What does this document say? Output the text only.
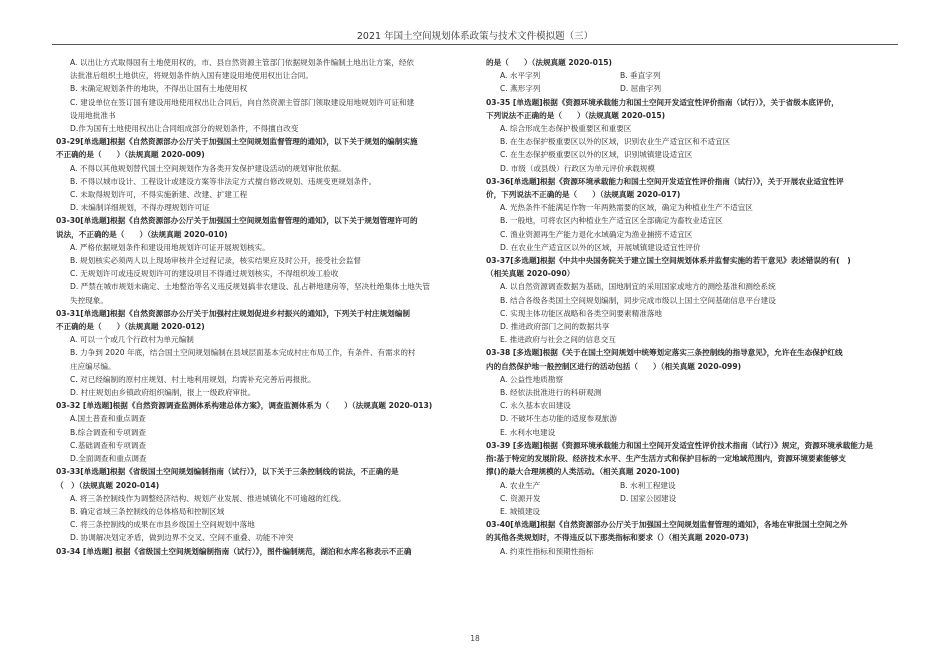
2021 年国土空间规划体系政策与技术文件模拟题（三）
A. 以出让方式取得国有土地使用权的，市、县自然资源主管部门依据规划条件编制土地出让方案，经依
法批准后组织土地供应，将规划条件纳入国有建设用地使用权出让合同。
B. 未确定规划条件的地块，不得出让国有土地使用权
C. 建设单位在签订国有建设用地使用权出让合同后，向自然资源主管部门领取建设用地规划许可证和建
设用地批准书
D.作为国有土地使用权出让合同组成部分的规划条件，不得擅自改变
03-29[单选题]根据《自然资源部办公厅关于加强国土空间规划监督管理的通知》，以下关于规划的编制实施
不正确的是（　　）（法规真题 2020-009)
A. 不得以其他规划替代国土空间规划作为各类开发保护建设活动的规划审批依据。
B. 不得以城市设计、工程设计或建设方案等非法定方式擅自修改规划、违规变更规划条件。
C. 未取得规划许可，不得实施新建、改建、扩建工程
D. 未编制详细规划，不得办理规划许可证
03-30[单选题]根据《自然资源部办公厅关于加强国土空间规划监督管理的通知》，以下关于规划管理许可的
说法，不正确的是（　　）（法规真题 2020-010)
A. 严格依据规划条件和建设用地规划许可证开展规划核实。
B. 规划核实必须两人以上现场审核并全过程记录，核实结果应及时公开，接受社会监督
C. 无规划许可或违反规划许可的建设项目不得通过规划核实，不得组织竣工验收
D. 严禁在城市规划未确定、土地整治等名义违反规划搞非农建设、乱占耕地建房等，坚决杜绝集体土地失管
失控现象。
03-31[单选题]根据《自然资源部办公厅关于加强村庄规划促进乡村振兴的通知》，下列关于村庄规划编制
不正确的是（　　）（法规真题 2020-012)
A. 可以一个或几个行政村为单元编制
B. 力争到 2020 年底，结合国土空间规划编制在县域层面基本完成村庄布局工作，有条件、有需求的村
庄应编尽编。
C. 对已经编制的原村庄规划、村土地利用规划，均需补充完善后再报批。
D. 村庄规划由乡镇政府组织编制，报上一级政府审批。
03-32 [单选题]根据《自然资源调查监测体系构建总体方案》，调查监测体系为（　　）（法规真题 2020-013)
A.国土普查和重点调查
B.综合调查和专项调查
C.基础调查和专项调查
D.全面调查和重点调查
03-33[单选题]根据《省级国土空间规划编制指南（试行）》，以下关于三条控制线的说法，不正确的是
（　）（法规真题 2020-014)
A. 将三条控制线作为调整经济结构、规划产业发展、推进城镇化不可逾越的红线。
B. 确定省域三条控制线的总体格局和控制区域
C. 将三条控制线的成果在市县乡级国土空间规划中落地
D. 协调解决划定矛盾，做到边界不交叉、空间不重叠、功能不冲突
03-34 [单选题] 根据《省级国土空间规划编制指南（试行）》，图件编制规范，湖泊和水库名称表示不正确
的是（　　）（法规真题 2020-015)
A. 水平字列	B. 垂直字列
C. 燕形字列	D. 屈曲字列
03-35 [单选题]根据《资源环境承载能力和国土空间开发适宜性评价指南（试行）》，关于省级本底评价，
下列说法不正确的是（　　）（法规真题 2020-015)
A. 综合形成生态保护极重要区和重要区
B. 在生态保护极重要区以外的区域，识别农业生产适宜区和不适宜区
C. 在生态保护极重要区以外的区域，识别城镇建设适宜区
D. 市级（或县级）行政区为单元评价承载规模
03-36[单选题]根据《资源环境承载能力和国土空间开发适宜性评价指南（试行）》，关于开展农业适宜性评
价，下列说法不正确的是（　　）（法规真题 2020-017)
A. 光热条件不能满足作物一年两熟需要的区域，确定为种植业生产不适宜区
B. 一般地，可将农区内种植业生产适宜区全部确定为畜牧业适宜区
C. 渔业资源再生产能力退化水域确定为渔业捕捞不适宜区
D. 在农业生产适宜区以外的区域，开展城镇建设适宜性评价
03-37[多选题]根据《中共中央国务院关于建立国土空间规划体系并监督实施的若干意见》表述错误的有(　)
（相关真题 2020-090）
A. 以自然资源调查数据为基础，国地制宜的采用国家或地方的测绘基准和测绘系统
B. 结合各级各类国土空间规划编制，同步完成市级以上国土空间基础信息平台建设
C. 实现主体功能区战略和各类空间要素精准落地
D. 推进政府部门之间的数据共享
E. 推进政府与社会之间的信息交互
03-38 [多选题]根据《关于在国土空间规划中统筹划定落实三条控制线的指导意见》，允许在生态保护红线
内的自然保护地一般控制区进行的活动包括（　　）（相关真题 2020-099)
A. 公益性地质勘察
B. 经依法批准进行的科研观测
C. 永久基本农田建设
D. 不破坏生态功能的适度参观旅游
E. 水利水电建设
03-39 [多选题]根据《资源环境承载能力和国土空间开发适宜性评价技术指南（试行）》规定，资源环境承载能力是
指:基于特定的发展阶段、经济技术水平、生产生活方式和保护目标的一定地域范围内，资源环境要素能够支
撑()的最大合理规模的人类活动。（相关真题 2020-100)
A. 农业生产	B. 水利工程建设
C. 资源开发	D. 国家公园建设
E. 城镇建设
03-40[单选题]根据《自然资源部办公厅关于加强国土空间规划监督管理的通知》，各地在审批国土空间之外
的其他各类规划时，不得违反以下那类指标和要求（）（相关真题 2020-073)
A. 约束性指标和预期性指标
18
